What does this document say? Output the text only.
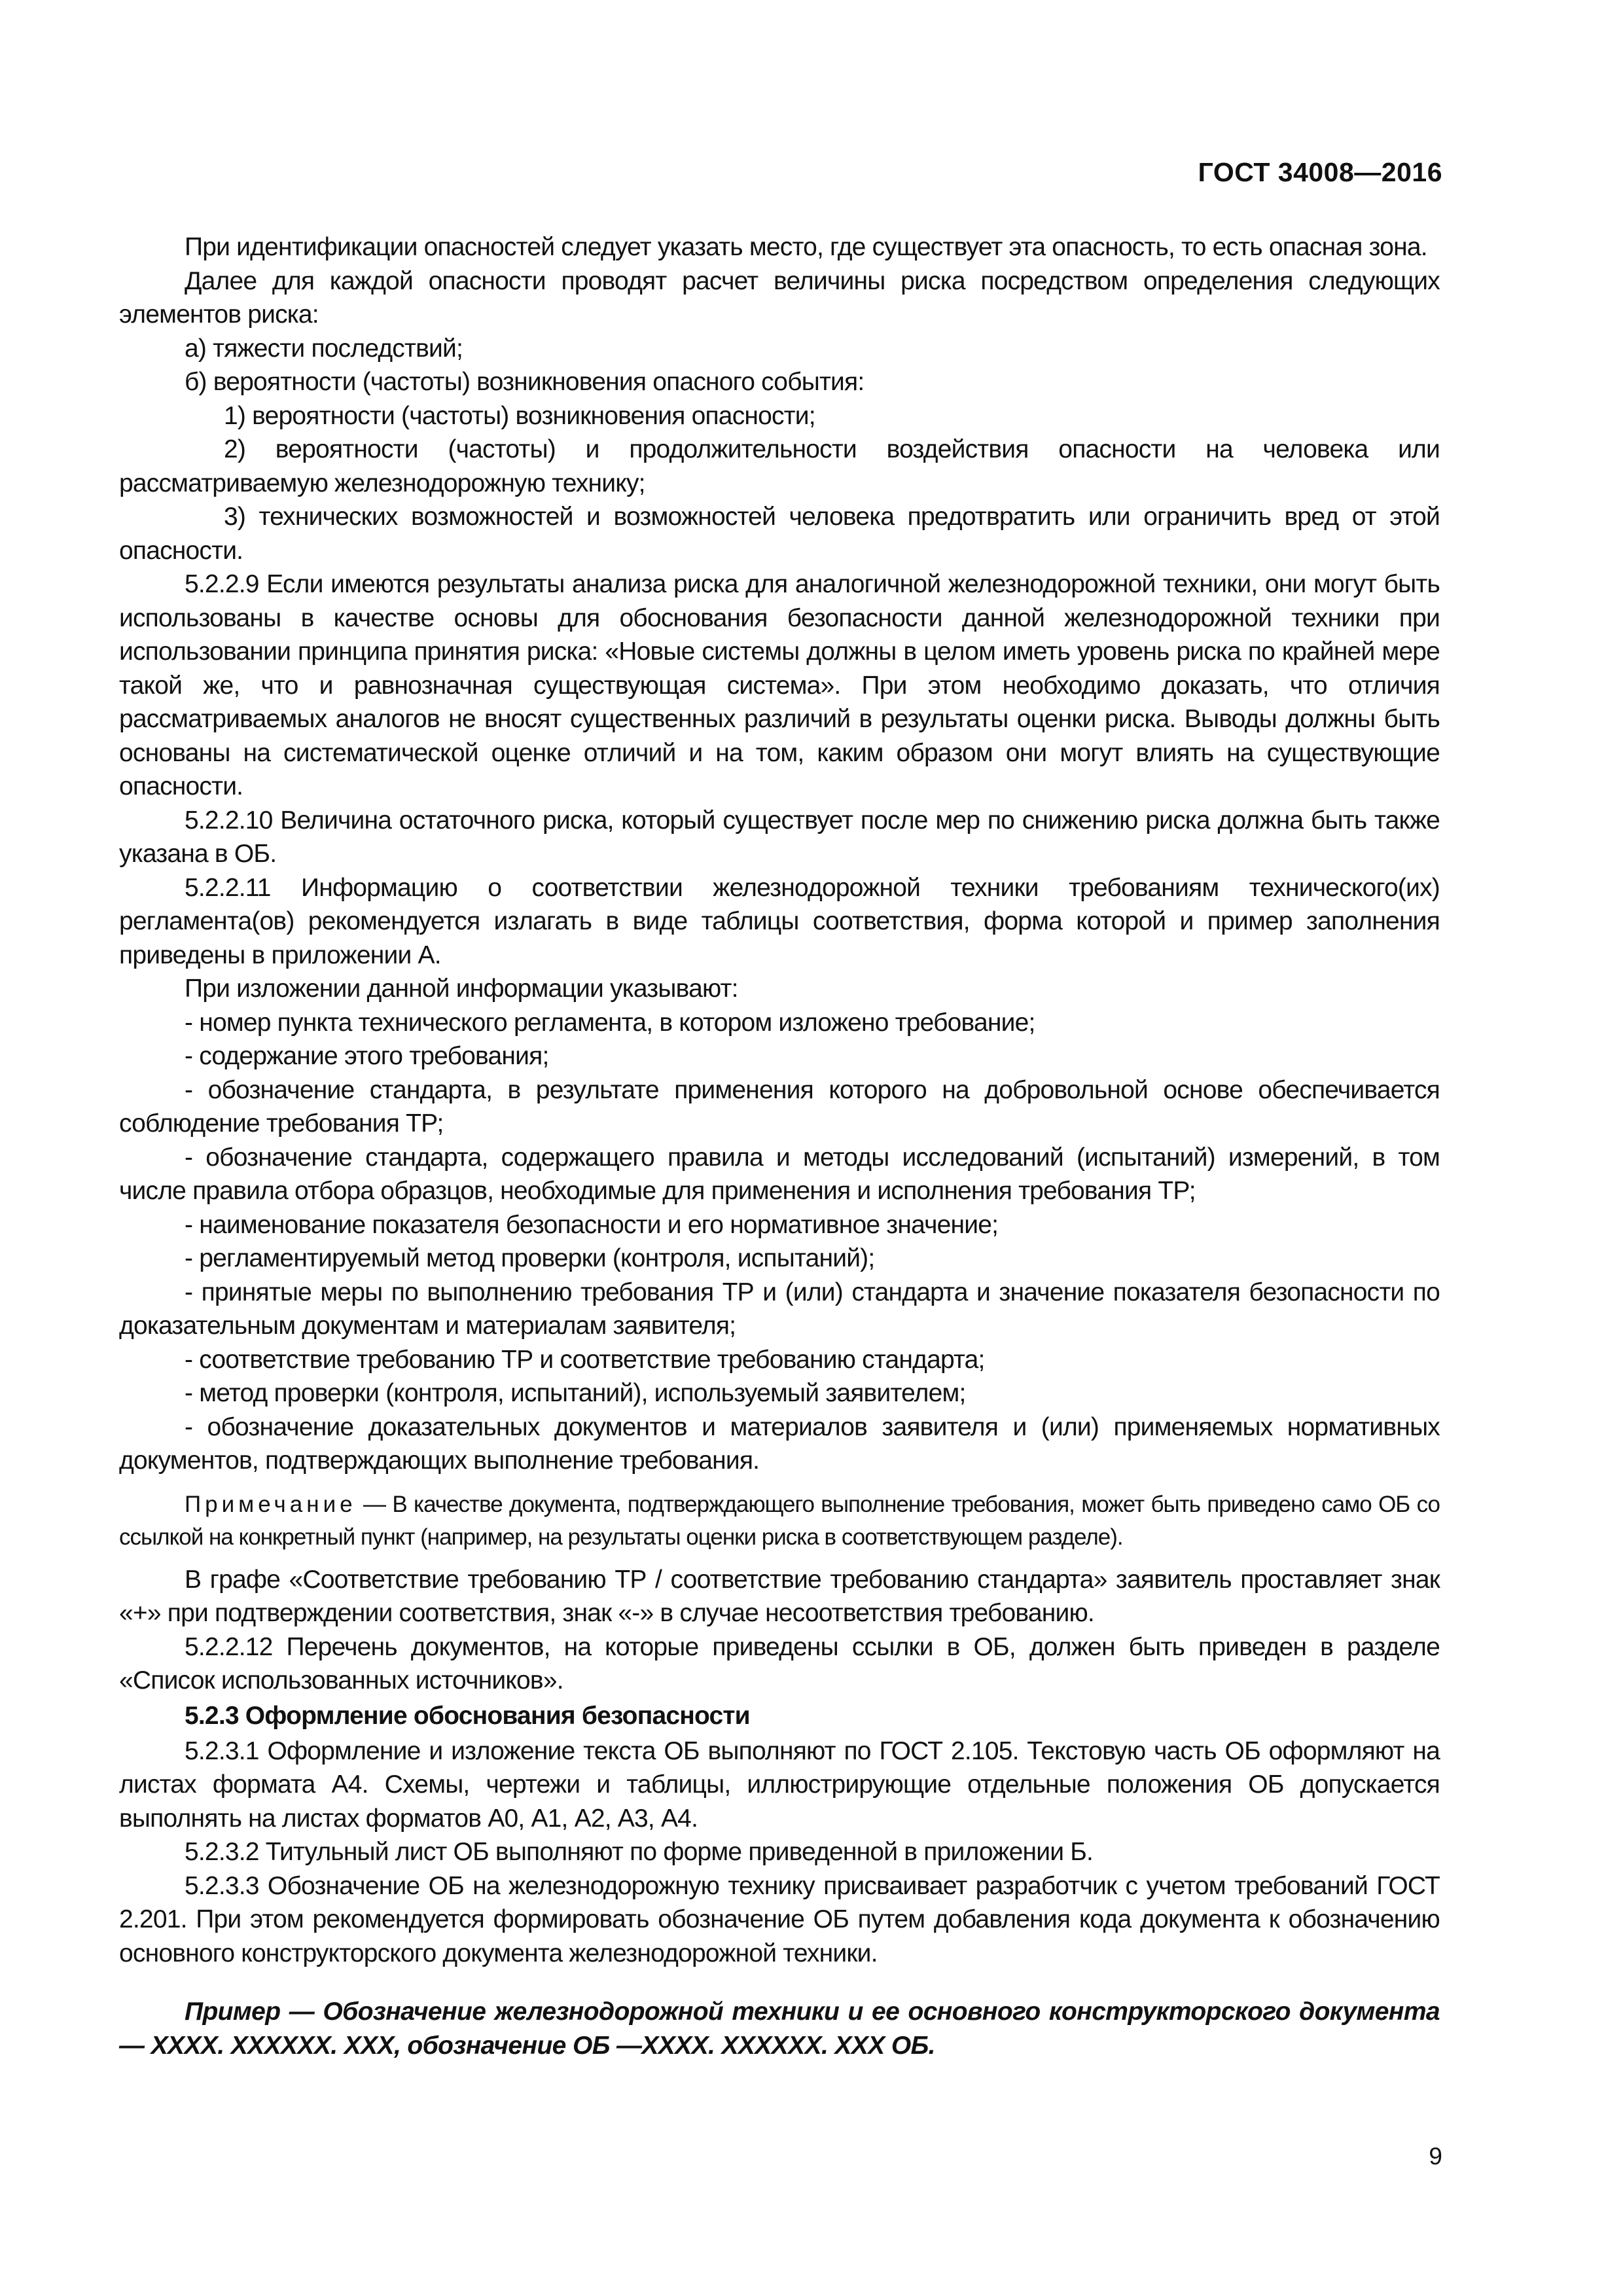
ГОСТ 34008—2016

При идентификации опасностей следует указать место, где существует эта опасность, то есть опасная зона.

Далее для каждой опасности проводят расчет величины риска посредством определения следующих элементов риска:

а) тяжести последствий;

б) вероятности (частоты) возникновения опасного события:

1) вероятности (частоты) возникновения опасности;

2) вероятности (частоты) и продолжительности воздействия опасности на человека или рассматриваемую железнодорожную технику;

3) технических возможностей и возможностей человека предотвратить или ограничить вред от этой опасности.

5.2.2.9 Если имеются результаты анализа риска для аналогичной железнодорожной техники, они могут быть использованы в качестве основы для обоснования безопасности данной железнодорожной техники при использовании принципа принятия риска: «Новые системы должны в целом иметь уровень риска по крайней мере такой же, что и равнозначная существующая система». При этом необходимо доказать, что отличия рассматриваемых аналогов не вносят существенных различий в результаты оценки риска. Выводы должны быть основаны на систематической оценке отличий и на том, каким образом они могут влиять на существующие опасности.

5.2.2.10 Величина остаточного риска, который существует после мер по снижению риска должна быть также указана в ОБ.

5.2.2.11 Информацию о соответствии железнодорожной техники требованиям технического(их) регламента(ов) рекомендуется излагать в виде таблицы соответствия, форма которой и пример заполнения приведены в приложении А.

При изложении данной информации указывают:

- номер пункта технического регламента, в котором изложено требование;

- содержание этого требования;

- обозначение стандарта, в результате применения которого на добровольной основе обеспечивается соблюдение требования ТР;

- обозначение стандарта, содержащего правила и методы исследований (испытаний) измерений, в том числе правила отбора образцов, необходимые для применения и исполнения требования ТР;

- наименование показателя безопасности и его нормативное значение;

- регламентируемый метод проверки (контроля, испытаний);

- принятые меры по выполнению требования ТР и (или) стандарта и значение показателя безопасности по доказательным документам и материалам заявителя;

- соответствие требованию ТР и соответствие требованию стандарта;

- метод проверки (контроля, испытаний), используемый заявителем;

- обозначение доказательных документов и материалов заявителя и (или) применяемых нормативных документов, подтверждающих выполнение требования.

Примечание — В качестве документа, подтверждающего выполнение требования, может быть приведено само ОБ со ссылкой на конкретный пункт (например, на результаты оценки риска в соответствующем разделе).

В графе «Соответствие требованию ТР / соответствие требованию стандарта» заявитель проставляет знак «+» при подтверждении соответствия, знак «-» в случае несоответствия требованию.

5.2.2.12 Перечень документов, на которые приведены ссылки в ОБ, должен быть приведен в разделе «Список использованных источников».

5.2.3 Оформление обоснования безопасности

5.2.3.1 Оформление и изложение текста ОБ выполняют по ГОСТ 2.105. Текстовую часть ОБ оформляют на листах формата А4. Схемы, чертежи и таблицы, иллюстрирующие отдельные положения ОБ допускается выполнять на листах форматов А0, А1, А2, А3, А4.

5.2.3.2 Титульный лист ОБ выполняют по форме приведенной в приложении Б.

5.2.3.3 Обозначение ОБ на железнодорожную технику присваивает разработчик с учетом требований ГОСТ 2.201. При этом рекомендуется формировать обозначение ОБ путем добавления кода документа к обозначению основного конструкторского документа железнодорожной техники.

Пример — Обозначение железнодорожной техники и ее основного конструкторского документа — XXXX. XXXXXX. XXX, обозначение ОБ —XXXX. XXXXXX. XXX ОБ.

9
